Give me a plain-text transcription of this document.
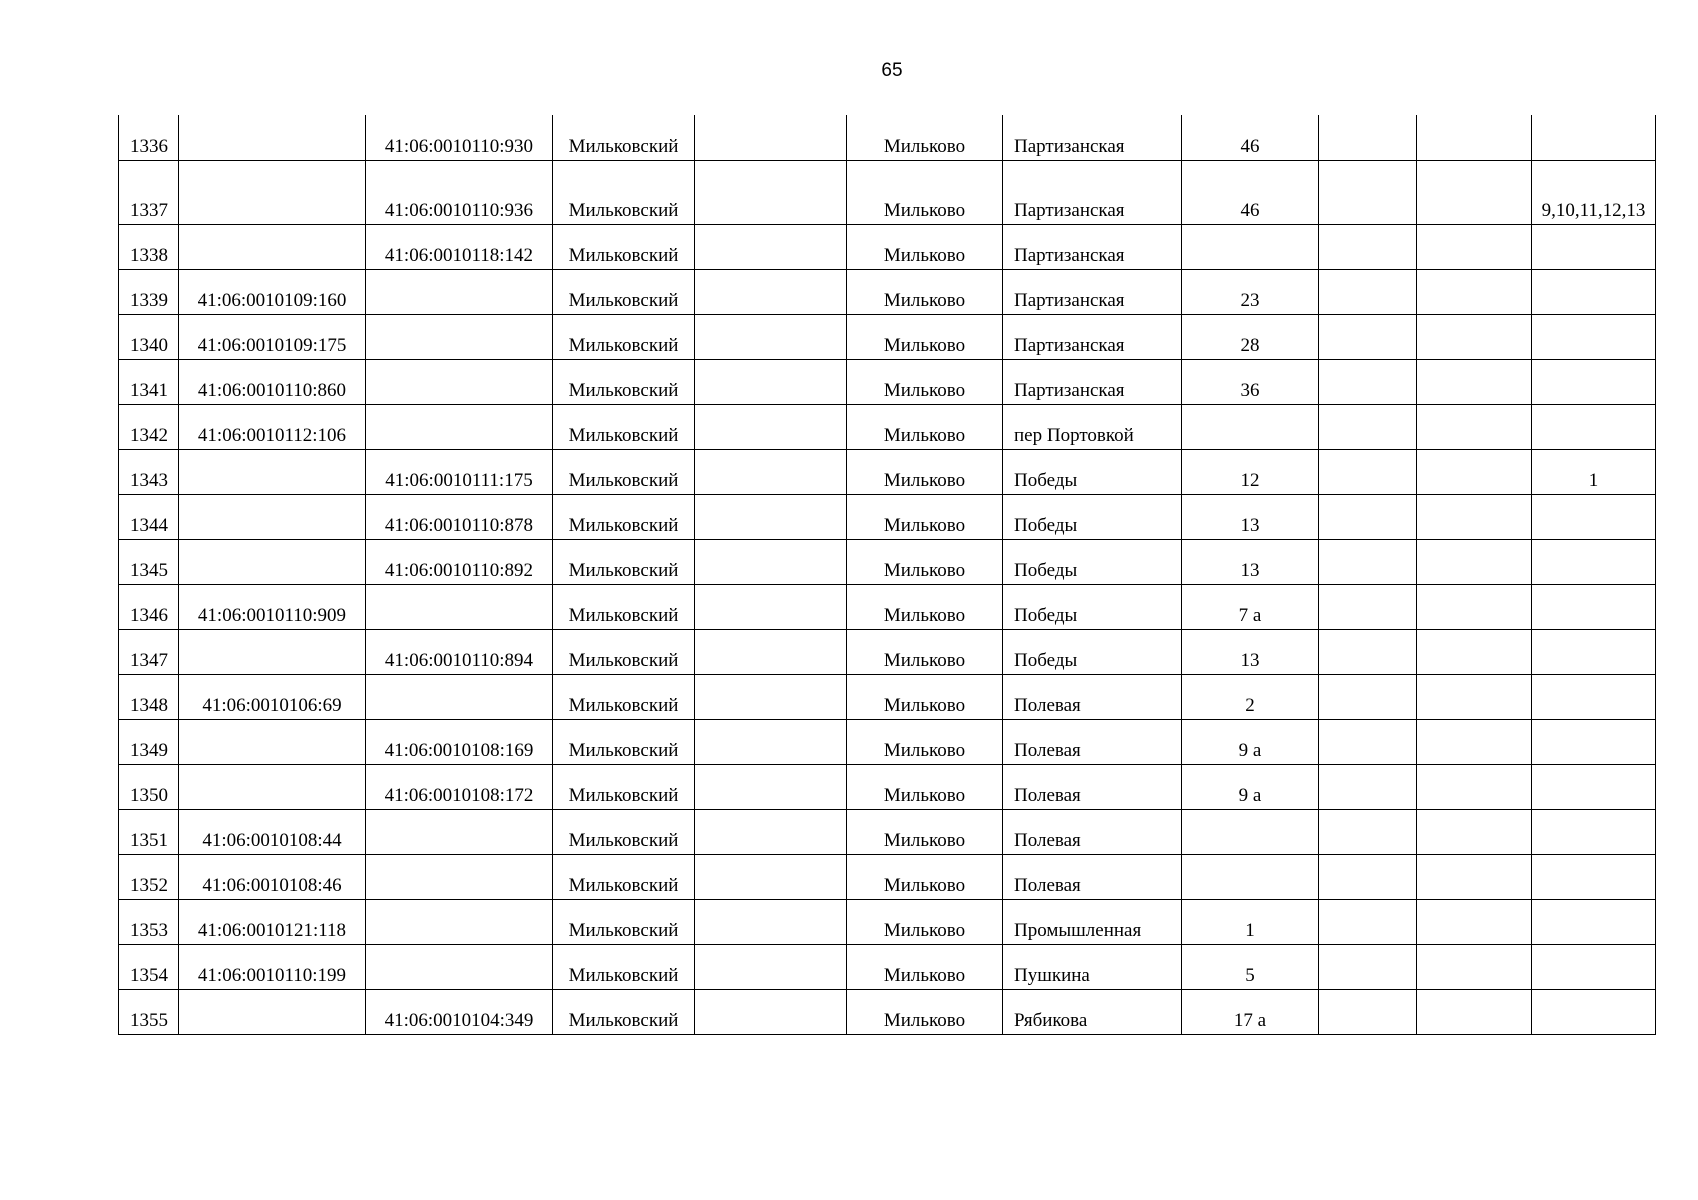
65
1336		41:06:0010110:930	Мильковский		Мильково	Партизанская	46			
1337		41:06:0010110:936	Мильковский		Мильково	Партизанская	46			9,10,11,12,13
1338		41:06:0010118:142	Мильковский		Мильково	Партизанская				
1339	41:06:0010109:160		Мильковский		Мильково	Партизанская	23			
1340	41:06:0010109:175		Мильковский		Мильково	Партизанская	28			
1341	41:06:0010110:860		Мильковский		Мильково	Партизанская	36			
1342	41:06:0010112:106		Мильковский		Мильково	пер Портовкой				
1343		41:06:0010111:175	Мильковский		Мильково	Победы	12			1
1344		41:06:0010110:878	Мильковский		Мильково	Победы	13			
1345		41:06:0010110:892	Мильковский		Мильково	Победы	13			
1346	41:06:0010110:909		Мильковский		Мильково	Победы	7 а			
1347		41:06:0010110:894	Мильковский		Мильково	Победы	13			
1348	41:06:0010106:69		Мильковский		Мильково	Полевая	2			
1349		41:06:0010108:169	Мильковский		Мильково	Полевая	9 а			
1350		41:06:0010108:172	Мильковский		Мильково	Полевая	9 а			
1351	41:06:0010108:44		Мильковский		Мильково	Полевая				
1352	41:06:0010108:46		Мильковский		Мильково	Полевая				
1353	41:06:0010121:118		Мильковский		Мильково	Промышленная	1			
1354	41:06:0010110:199		Мильковский		Мильково	Пушкина	5			
1355		41:06:0010104:349	Мильковский		Мильково	Рябикова	17 а			
